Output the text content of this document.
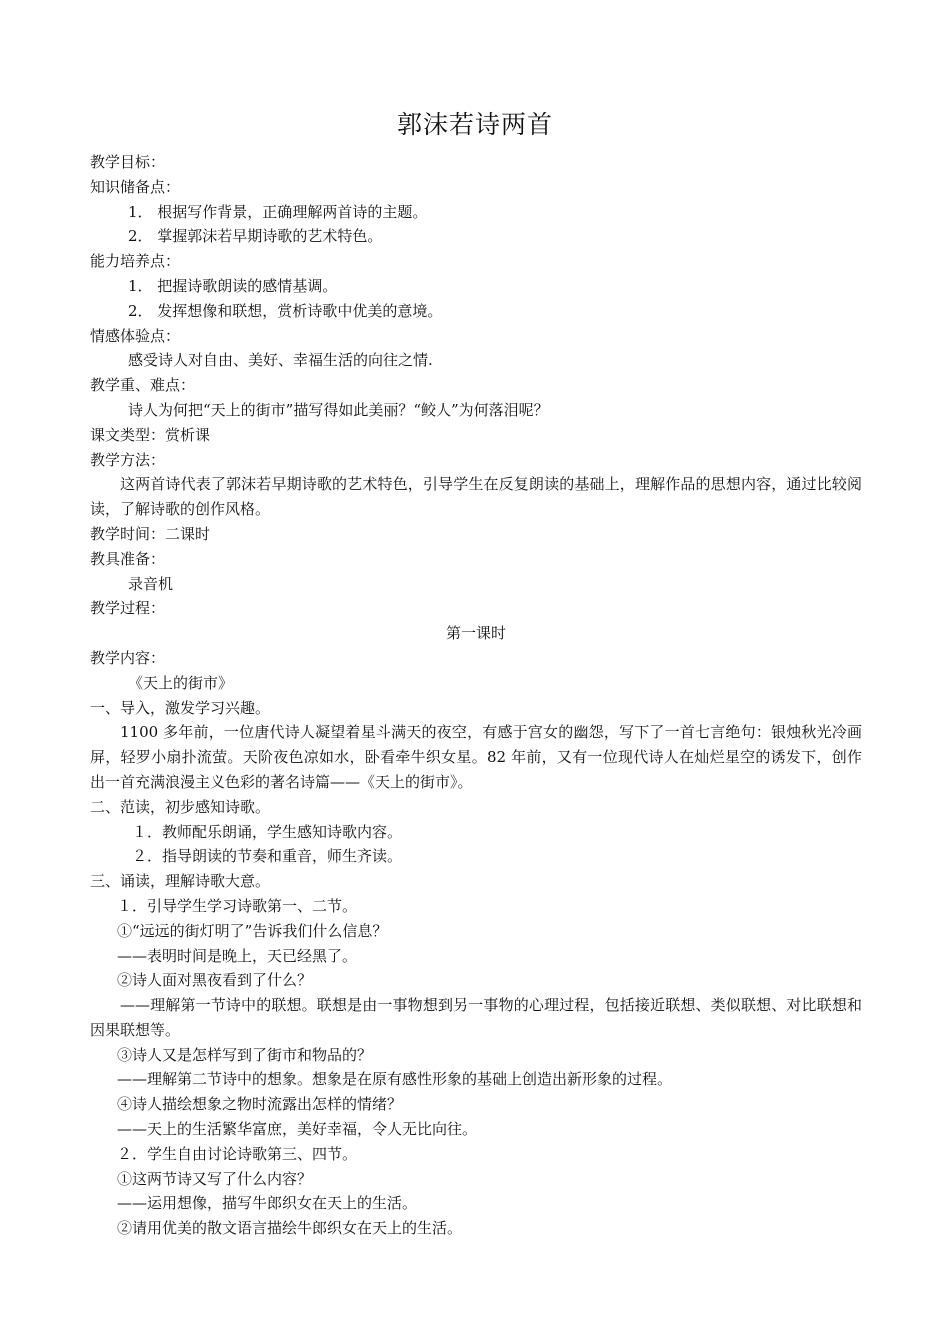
郭沫若诗两首
教学目标：
知识储备点：
1． 根据写作背景，正确理解两首诗的主题。
2． 掌握郭沫若早期诗歌的艺术特色。
能力培养点：
1． 把握诗歌朗读的感情基调。
2． 发挥想像和联想，赏析诗歌中优美的意境。
情感体验点：
感受诗人对自由、美好、幸福生活的向往之情.
教学重、难点：
诗人为何把“天上的街市”描写得如此美丽？“鲛人”为何落泪呢？
课文类型：赏析课
教学方法：
这两首诗代表了郭沫若早期诗歌的艺术特色，引导学生在反复朗读的基础上，理解作品的思想内容，通过比较阅读，了解诗歌的创作风格。
教学时间：二课时
教具准备：
录音机
教学过程：
第一课时
教学内容：
《天上的街市》
一、导入，激发学习兴趣。
1100 多年前，一位唐代诗人凝望着星斗满天的夜空，有感于宫女的幽怨，写下了一首七言绝句：银烛秋光冷画屏，轻罗小扇扑流萤。天阶夜色凉如水，卧看牵牛织女星。82 年前，又有一位现代诗人在灿烂星空的诱发下，创作出一首充满浪漫主义色彩的著名诗篇——《天上的街市》。
二、范读，初步感知诗歌。
１．教师配乐朗诵，学生感知诗歌内容。
２．指导朗读的节奏和重音，师生齐读。
三、诵读，理解诗歌大意。
１．引导学生学习诗歌第一、二节。
①“远远的街灯明了”告诉我们什么信息？
——表明时间是晚上，天已经黑了。
②诗人面对黑夜看到了什么？
——理解第一节诗中的联想。联想是由一事物想到另一事物的心理过程，包括接近联想、类似联想、对比联想和因果联想等。
③诗人又是怎样写到了街市和物品的？
——理解第二节诗中的想象。想象是在原有感性形象的基础上创造出新形象的过程。
④诗人描绘想象之物时流露出怎样的情绪？
——天上的生活繁华富庶，美好幸福，令人无比向往。
２．学生自由讨论诗歌第三、四节。
①这两节诗又写了什么内容？
——运用想像，描写牛郎织女在天上的生活。
②请用优美的散文语言描绘牛郎织女在天上的生活。
